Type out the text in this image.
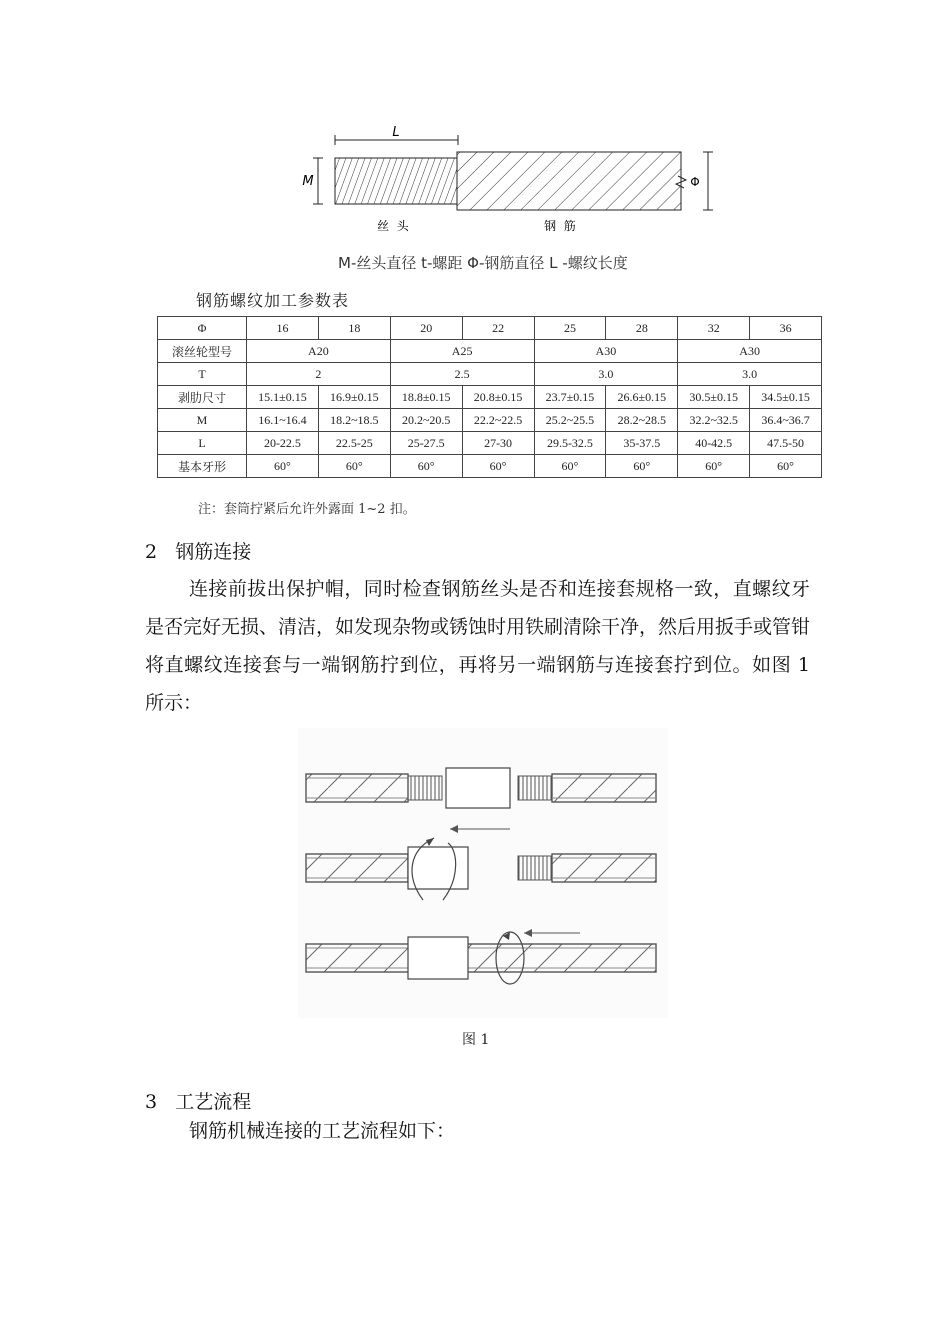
L
M	Φ
丝  头	钢  筋
M-丝头直径 t-螺距 Φ-钢筋直径 L -螺纹长度
钢筋螺纹加工参数表
Φ	16	18	20	22	25	28	32	36
滚丝轮型号	A20		A25		A30		A30	
T	2		2.5		3.0		3.0	
剥肋尺寸	15.1±0.15	16.9±0.15	18.8±0.15	20.8±0.15	23.7±0.15	26.6±0.15	30.5±0.15	34.5±0.15
M	16.1~16.4	18.2~18.5	20.2~20.5	22.2~22.5	25.2~25.5	28.2~28.5	32.2~32.5	36.4~36.7
L	20-22.5	22.5-25	25-27.5	27-30	29.5-32.5	35-37.5	40-42.5	47.5-50
基本牙形	60°	60°	60°	60°	60°	60°	60°	60°
注：套筒拧紧后允许外露面 1~2 扣。
2   钢筋连接
连接前拔出保护帽，同时检查钢筋丝头是否和连接套规格一致，直螺纹牙是否完好无损、清洁，如发现杂物或锈蚀时用铁刷清除干净，然后用扳手或管钳将直螺纹连接套与一端钢筋拧到位，再将另一端钢筋与连接套拧到位。如图 1 所示：
图 1
3   工艺流程
钢筋机械连接的工艺流程如下：
